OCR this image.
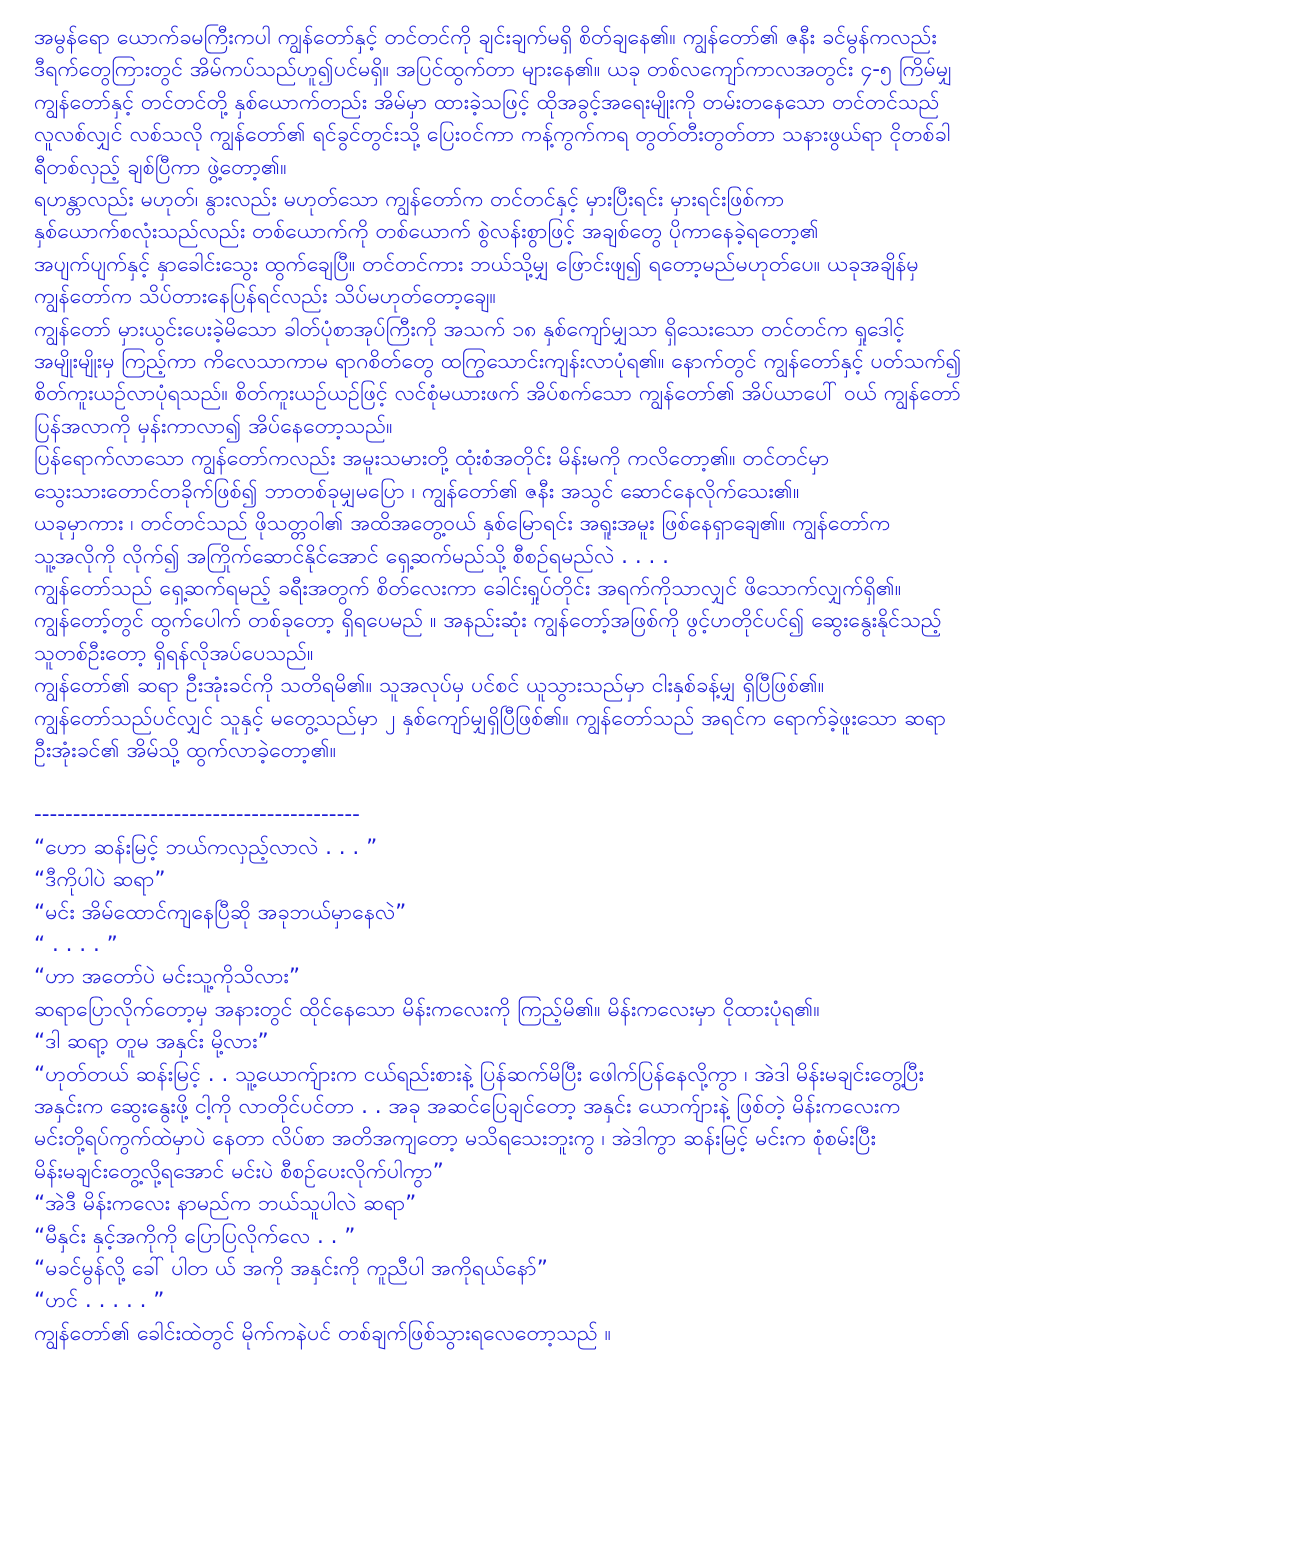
အမွန်ရော ယောက်ခမကြီးကပါ ကျွန်တော်နှင့် တင်တင်ကို ချင်းချက်မရှိ စိတ်ချနေ၏။ ကျွန်တော်၏ ဇနီး ခင်မွန်ကလည်း
ဒီရက်တွေကြားတွင် အိမ်ကပ်သည်ဟူ၍ပင်မရှိ။ အပြင်ထွက်တာ များနေ၏။ ယခု တစ်လကျော်ကာလအတွင်း ၄-၅ ကြိမ်မျှ
ကျွန်တော်နှင့် တင်တင်တို့ နှစ်ယောက်တည်း အိမ်မှာ ထားခဲ့သဖြင့် ထိုအခွင့်အရေးမျိုးကို တမ်းတနေသော တင်တင်သည်
လူလစ်လျှင် လစ်သလို ကျွန်တော်၏ ရင်ခွင်တွင်းသို့ ပြေးဝင်ကာ ကန့်ကွက်ကရ တွတ်တီးတွတ်တာ သနားဖွယ်ရာ ငိုတစ်ခါ
ရီတစ်လှည့် ချစ်ပြီကာ ဖွဲ့တော့၏။
ရဟန္တာလည်း မဟုတ်၊ နွားလည်း မဟုတ်သော ကျွန်တော်က တင်တင်နှင့် မှားပြီးရင်း မှားရင်းဖြစ်ကာ
နှစ်ယောက်စလုံးသည်လည်း တစ်ယောက်ကို တစ်ယောက် စွဲလန်းစွာဖြင့် အချစ်တွေ ပိုကာနေခဲ့ရတော့၏
အပျက်ပျက်နှင့် နှာခေါင်းသွေး ထွက်ချေပြီ။ တင်တင်ကား ဘယ်သို့မျှ ဖြောင်းဖျ၍ ရတော့မည်မဟုတ်ပေ။ ယခုအချိန်မှ
ကျွန်တော်က သိပ်တားနေပြန်ရင်လည်း သိပ်မဟုတ်တော့ချေ။
ကျွန်တော် မှားယွင်းပေးခဲ့မိသော ခါတ်ပုံစာအုပ်ကြီးကို အသက် ၁၈ နှစ်ကျော်မျှသာ ရှိသေးသော တင်တင်က ရှုဒေါင့်
အမျိုးမျိုးမှ ကြည့်ကာ ကိလေသာကာမ ရာဂစိတ်တွေ ထကြွသောင်းကျန်းလာပုံရ၏။ နောက်တွင် ကျွန်တော်နှင့် ပတ်သက်၍
စိတ်ကူးယဉ်လာပုံရသည်။ စိတ်ကူးယဉ်ယဉ်ဖြင့် လင်စုံမယားဖက် အိပ်စက်သော ကျွန်တော်၏ အိပ်ယာပေါ် ဝယ် ကျွန်တော်
ပြန်အလာကို မှန်းကာလာ၍ အိပ်နေတော့သည်။
ပြန်ရောက်လာသော ကျွန်တော်ကလည်း အမူးသမားတို့ ထုံးစံအတိုင်း မိန်းမကို ကလိတော့၏။ တင်တင်မှာ
သွေးသားတောင်တခိုက်ဖြစ်၍ ဘာတစ်ခုမျှမပြော ၊ ကျွန်တော်၏ ဇနီး အသွင် ဆောင်နေလိုက်သေး၏။
ယခုမှာကား ၊ တင်တင်သည် ဖိုသတ္တဝါ၏ အထိအတွေ့ဝယ် နှစ်မြောရင်း အရူးအမူး ဖြစ်နေရှာချေ၏။ ကျွန်တော်က
သူ့အလိုကို လိုက်၍ အကြိုက်ဆောင်နိုင်အောင် ရှေ့ဆက်မည်သို့ စီစဉ်ရမည်လဲ . . . .
ကျွန်တော်သည် ရှေ့ဆက်ရမည့် ခရီးအတွက် စိတ်လေးကာ ခေါင်းရှုပ်တိုင်း အရက်ကိုသာလျှင် ဖိသောက်လျှက်ရှိ၏။
ကျွန်တော့်တွင် ထွက်ပေါက် တစ်ခုတော့ ရှိရပေမည် ။ အနည်းဆုံး ကျွန်တော့်အဖြစ်ကို ဖွင့်ဟတိုင်ပင်၍ ဆွေးနွေးနိုင်သည့်
သူတစ်ဦးတော့ ရှိရန်လိုအပ်ပေသည်။
ကျွန်တော်၏ ဆရာ ဦးအုံးခင်ကို သတိရမိ၏။ သူအလုပ်မှ ပင်စင် ယူသွားသည်မှာ ငါးနှစ်ခန့်မျှ ရှိပြီဖြစ်၏။
ကျွန်တော်သည်ပင်လျှင် သူနှင့် မတွေ့သည်မှာ ၂ နှစ်ကျော်မျှရှိပြီဖြစ်၏။ ကျွန်တော်သည် အရင်က ရောက်ခဲ့ဖူးသော ဆရာ
ဦးအုံးခင်၏ အိမ်သို့ ထွက်လာခဲ့တော့၏။
------------------------------------------
“ဟော ဆန်းမြင့် ဘယ်ကလှည့်လာလဲ . . . ”
“ဒီကိုပါပဲ ဆရာ”
“မင်း အိမ်ထောင်ကျနေပြီဆို အခုဘယ်မှာနေလဲ”
“ . . . . ”
“ဟာ အတော်ပဲ မင်းသူ့ကိုသိလား”
ဆရာပြောလိုက်တော့မှ အနားတွင် ထိုင်နေသော မိန်းကလေးကို ကြည့်မိ၏။ မိန်းကလေးမှာ ငိုထားပုံရ၏။
“ဒါ ဆရာ့ တူမ အနှင်း မို့လား”
“ဟုတ်တယ် ဆန်းမြင့် . . သူ့ယောက်ျားက ငယ်ရည်းစားနဲ့ ပြန်ဆက်မိပြီး ဖေါက်ပြန်နေလို့ကွာ ၊ အဲဒါ မိန်းမချင်းတွေ့ပြီး
အနှင်းက ဆွေးနွေးဖို့ ငါ့ကို လာတိုင်ပင်တာ . . အခု အဆင်ပြေချင်တော့ အနှင်း ယောက်ျားနဲ့ ဖြစ်တဲ့ မိန်းကလေးက
မင်းတို့ရပ်ကွက်ထဲမှာပဲ နေတာ လိပ်စာ အတိအကျတော့ မသိရသေးဘူးကွ ၊ အဲဒါကွာ ဆန်းမြင့် မင်းက စုံစမ်းပြီး
မိန်းမချင်းတွေ့လို့ရအောင် မင်းပဲ စီစဉ်ပေးလိုက်ပါကွာ”
“အဲဒီ မိန်းကလေး နာမည်က ဘယ်သူပါလဲ ဆရာ”
“မီနှင်း နှင့်အကိုကို ပြောပြလိုက်လေ . . ”
“မခင်မွန်လို့ ခေါ် ပါတ ယ် အကို အနှင်းကို ကူညီပါ အကိုရယ်နော်”
“ဟင် . . . . . ”
ကျွန်တော်၏ ခေါင်းထဲတွင် မိုက်ကနဲပင် တစ်ချက်ဖြစ်သွားရလေတော့သည် ။
